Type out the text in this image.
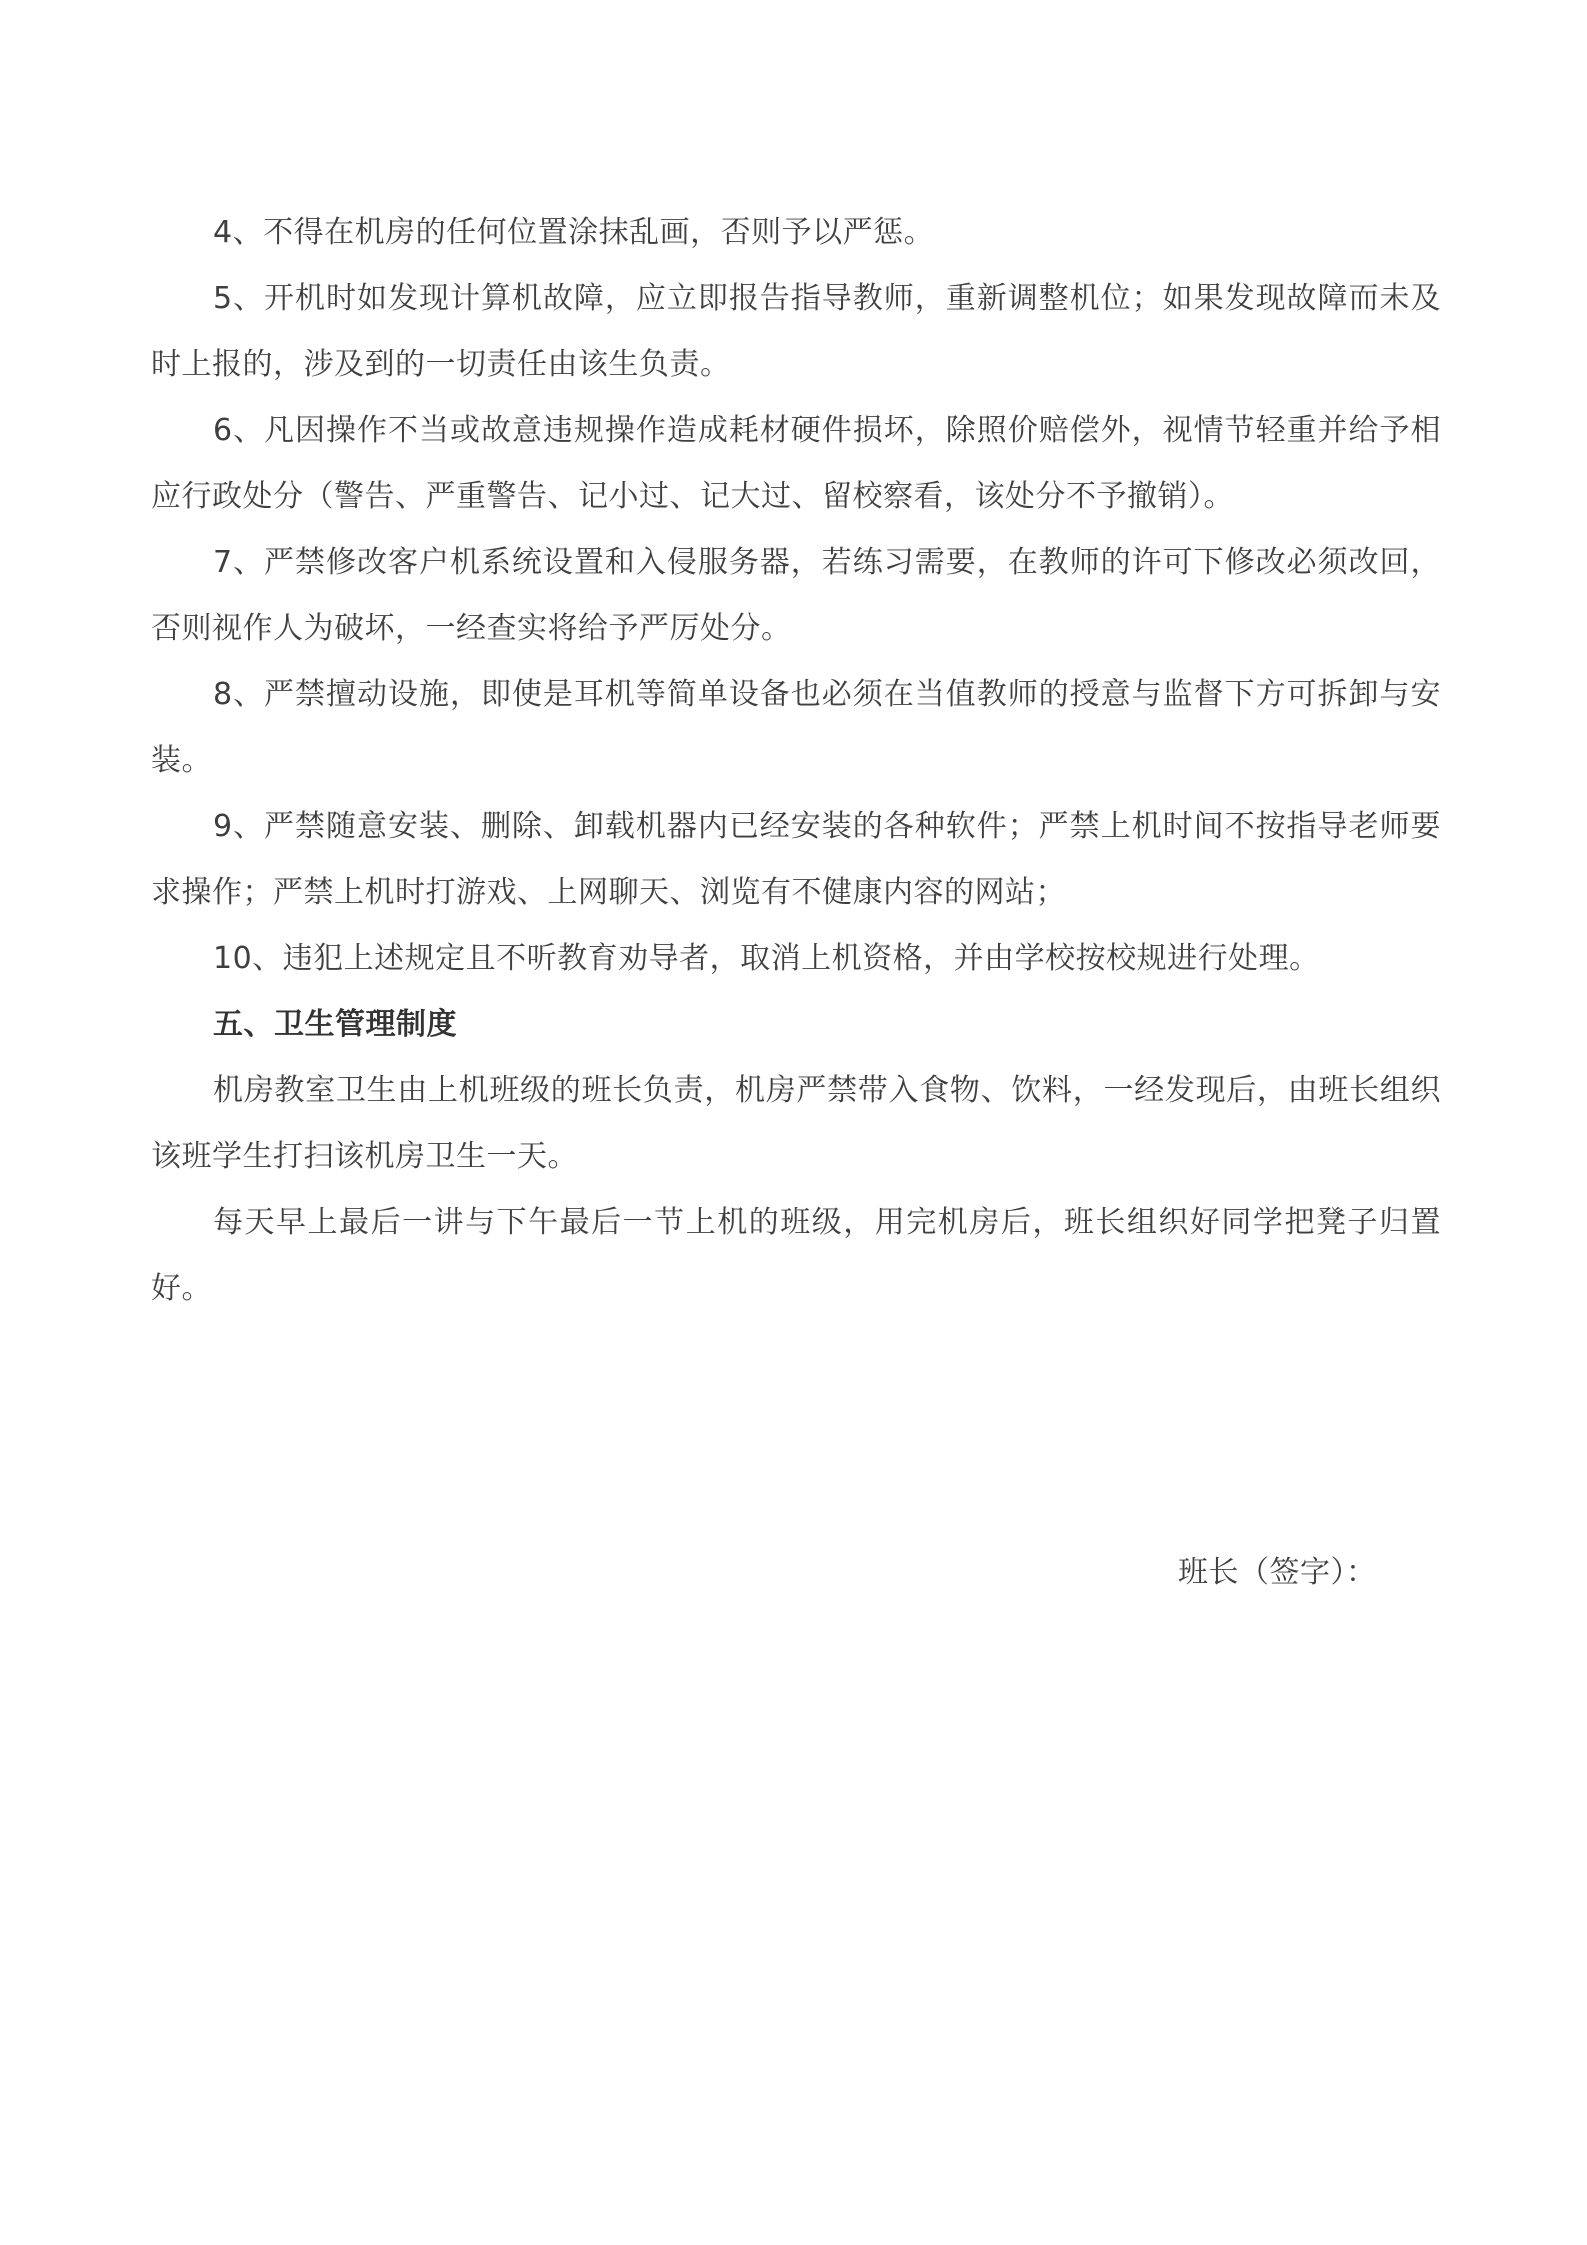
4、不得在机房的任何位置涂抹乱画，否则予以严惩。

5、开机时如发现计算机故障，应立即报告指导教师，重新调整机位；如果发现故障而未及时上报的，涉及到的一切责任由该生负责。

6、凡因操作不当或故意违规操作造成耗材硬件损坏，除照价赔偿外，视情节轻重并给予相应行政处分（警告、严重警告、记小过、记大过、留校察看，该处分不予撤销）。

7、严禁修改客户机系统设置和入侵服务器，若练习需要，在教师的许可下修改必须改回，否则视作人为破坏，一经查实将给予严厉处分。

8、严禁擅动设施，即使是耳机等简单设备也必须在当值教师的授意与监督下方可拆卸与安装。

9、严禁随意安装、删除、卸载机器内已经安装的各种软件；严禁上机时间不按指导老师要求操作；严禁上机时打游戏、上网聊天、浏览有不健康内容的网站；

10、违犯上述规定且不听教育劝导者，取消上机资格，并由学校按校规进行处理。

五、卫生管理制度

机房教室卫生由上机班级的班长负责，机房严禁带入食物、饮料，一经发现后，由班长组织该班学生打扫该机房卫生一天。

每天早上最后一讲与下午最后一节上机的班级，用完机房后，班长组织好同学把凳子归置好。

班长（签字）：
